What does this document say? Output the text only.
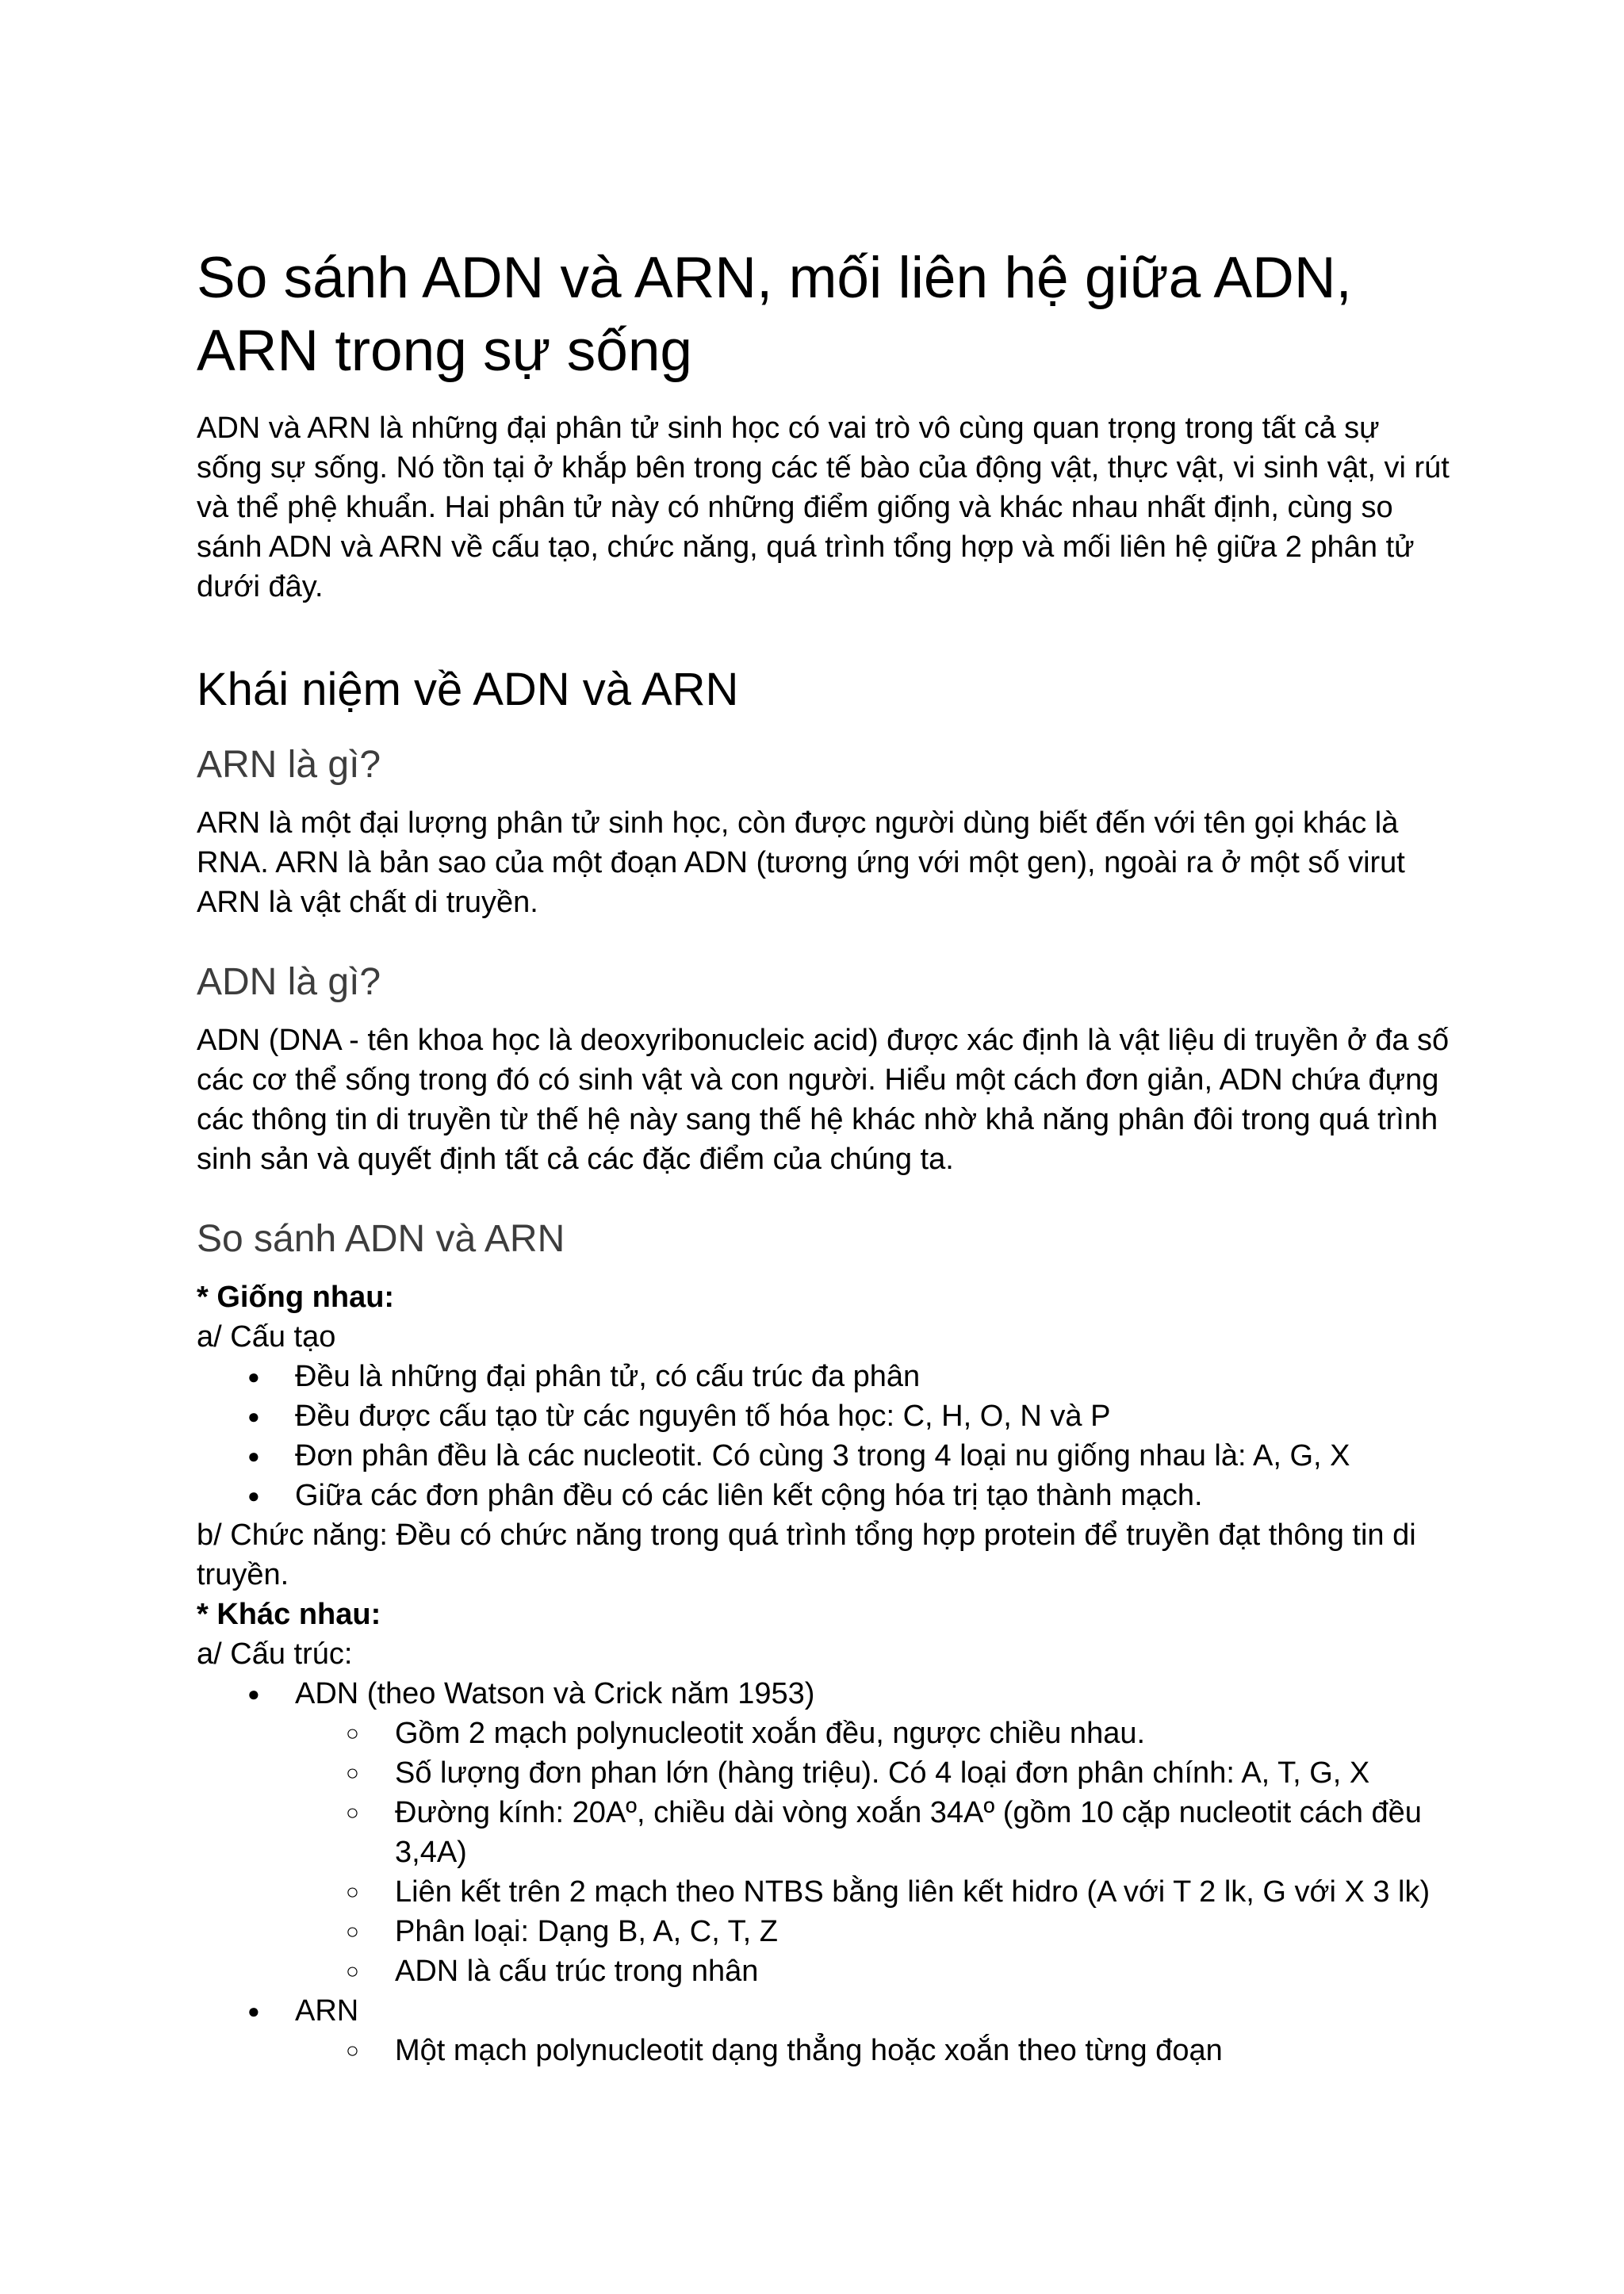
So sánh ADN và ARN, mối liên hệ giữa ADN, ARN trong sự sống

ADN và ARN là những đại phân tử sinh học có vai trò vô cùng quan trọng trong tất cả sự sống sự sống. Nó tồn tại ở khắp bên trong các tế bào của động vật, thực vật, vi sinh vật, vi rút và thể phệ khuẩn. Hai phân tử này có những điểm giống và khác nhau nhất định, cùng so sánh ADN và ARN về cấu tạo, chức năng, quá trình tổng hợp và mối liên hệ giữa 2 phân tử dưới đây.

Khái niệm về ADN và ARN
ARN là gì?

ARN là một đại lượng phân tử sinh học, còn được người dùng biết đến với tên gọi khác là RNA. ARN là bản sao của một đoạn ADN (tương ứng với một gen), ngoài ra ở một số virut ARN là vật chất di truyền.

ADN là gì?

ADN (DNA - tên khoa học là deoxyribonucleic acid) được xác định là vật liệu di truyền ở đa số các cơ thể sống trong đó có sinh vật và con người. Hiểu một cách đơn giản, ADN chứa đựng các thông tin di truyền từ thế hệ này sang thế hệ khác nhờ khả năng phân đôi trong quá trình sinh sản và quyết định tất cả các đặc điểm của chúng ta.

So sánh ADN và ARN

* Giống nhau:

a/ Cấu tạo

● Đều là những đại phân tử, có cấu trúc đa phân
● Đều được cấu tạo từ các nguyên tố hóa học: C, H, O, N và P
● Đơn phân đều là các nucleotit. Có cùng 3 trong 4 loại nu giống nhau là: A, G, X
● Giữa các đơn phân đều có các liên kết cộng hóa trị tạo thành mạch.

b/ Chức năng: Đều có chức năng trong quá trình tổng hợp protein để truyền đạt thông tin di truyền.

* Khác nhau:

a/ Cấu trúc:

● ADN (theo Watson và Crick năm 1953)
○ Gồm 2 mạch polynucleotit xoắn đều, ngược chiều nhau.
○ Số lượng đơn phan lớn (hàng triệu). Có 4 loại đơn phân chính: A, T, G, X
○ Đường kính: 20Aº, chiều dài vòng xoắn 34Aº (gồm 10 cặp nucleotit cách đều 3,4A)
○ Liên kết trên 2 mạch theo NTBS bằng liên kết hidro (A với T 2 lk, G với X 3 lk)
○ Phân loại: Dạng B, A, C, T, Z
○ ADN là cấu trúc trong nhân
● ARN
○ Một mạch polynucleotit dạng thẳng hoặc xoắn theo từng đoạn
